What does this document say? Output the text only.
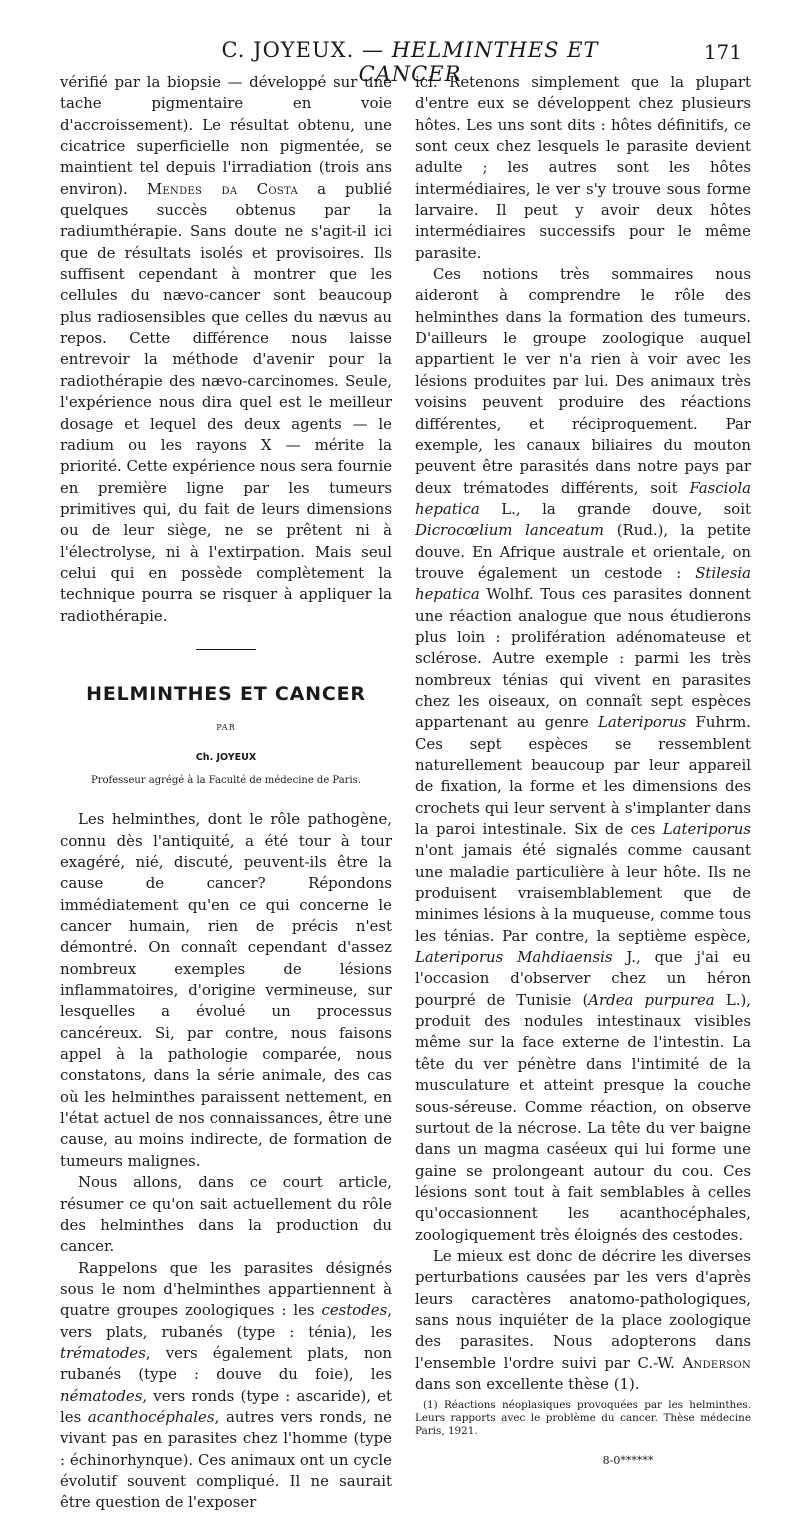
C. JOYEUX. — HELMINTHES ET CANCER
171

vérifié par la biopsie — développé sur une tache pigmentaire en voie d'accroissement). Le résultat obtenu, une cicatrice superficielle non pigmentée, se maintient tel depuis l'irradiation (trois ans environ). Mendes da Costa a publié quelques succès obtenus par la radiumthérapie. Sans doute ne s'agit-il ici que de résultats isolés et provisoires. Ils suffisent cependant à montrer que les cellules du nævo-cancer sont beaucoup plus radiosensibles que celles du nævus au repos. Cette différence nous laisse entrevoir la méthode d'avenir pour la radiothérapie des nævo-carcinomes. Seule, l'expérience nous dira quel est le meilleur dosage et lequel des deux agents — le radium ou les rayons X — mérite la priorité. Cette expérience nous sera fournie en première ligne par les tumeurs primitives qui, du fait de leurs dimensions ou de leur siège, ne se prêtent ni à l'électrolyse, ni à l'extirpation. Mais seul celui qui en possède complètement la technique pourra se risquer à appliquer la radiothérapie.

HELMINTHES ET CANCER
PAR
Ch. JOYEUX
Professeur agrégé à la Faculté de médecine de Paris.

Les helminthes, dont le rôle pathogène, connu dès l'antiquité, a été tour à tour exagéré, nié, discuté, peuvent-ils être la cause de cancer? Répondons immédiatement qu'en ce qui concerne le cancer humain, rien de précis n'est démontré. On connaît cependant d'assez nombreux exemples de lésions inflammatoires, d'origine vermineuse, sur lesquelles a évolué un processus cancéreux. Si, par contre, nous faisons appel à la pathologie comparée, nous constatons, dans la série animale, des cas où les helminthes paraissent nettement, en l'état actuel de nos connaissances, être une cause, au moins indirecte, de formation de tumeurs malignes.

Nous allons, dans ce court article, résumer ce qu'on sait actuellement du rôle des helminthes dans la production du cancer.

Rappelons que les parasites désignés sous le nom d'helminthes appartiennent à quatre groupes zoologiques : les cestodes, vers plats, rubanés (type : ténia), les trématodes, vers également plats, non rubanés (type : douve du foie), les nématodes, vers ronds (type : ascaride), et les acanthocéphales, autres vers ronds, ne vivant pas en parasites chez l'homme (type : échinorhynque). Ces animaux ont un cycle évolutif souvent compliqué. Il ne saurait être question de l'exposer

ici. Retenons simplement que la plupart d'entre eux se développent chez plusieurs hôtes. Les uns sont dits : hôtes définitifs, ce sont ceux chez lesquels le parasite devient adulte ; les autres sont les hôtes intermédiaires, le ver s'y trouve sous forme larvaire. Il peut y avoir deux hôtes intermédiaires successifs pour le même parasite.

Ces notions très sommaires nous aideront à comprendre le rôle des helminthes dans la formation des tumeurs. D'ailleurs le groupe zoologique auquel appartient le ver n'a rien à voir avec les lésions produites par lui. Des animaux très voisins peuvent produire des réactions différentes, et réciproquement. Par exemple, les canaux biliaires du mouton peuvent être parasités dans notre pays par deux trématodes différents, soit Fasciola hepatica L., la grande douve, soit Dicrocœlium lanceatum (Rud.), la petite douve. En Afrique australe et orientale, on trouve également un cestode : Stilesia hepatica Wolhf. Tous ces parasites donnent une réaction analogue que nous étudierons plus loin : prolifération adénomateuse et sclérose. Autre exemple : parmi les très nombreux ténias qui vivent en parasites chez les oiseaux, on connaît sept espèces appartenant au genre Lateriporus Fuhrm. Ces sept espèces se ressemblent naturellement beaucoup par leur appareil de fixation, la forme et les dimensions des crochets qui leur servent à s'implanter dans la paroi intestinale. Six de ces Lateriporus n'ont jamais été signalés comme causant une maladie particulière à leur hôte. Ils ne produisent vraisemblablement que de minimes lésions à la muqueuse, comme tous les ténias. Par contre, la septième espèce, Lateriporus Mahdiaensis J., que j'ai eu l'occasion d'observer chez un héron pourpré de Tunisie (Ardea purpurea L.), produit des nodules intestinaux visibles même sur la face externe de l'intestin. La tête du ver pénètre dans l'intimité de la musculature et atteint presque la couche sous-séreuse. Comme réaction, on observe surtout de la nécrose. La tête du ver baigne dans un magma caséeux qui lui forme une gaine se prolongeant autour du cou. Ces lésions sont tout à fait semblables à celles qu'occasionnent les acanthocéphales, zoologiquement très éloignés des cestodes.

Le mieux est donc de décrire les diverses perturbations causées par les vers d'après leurs caractères anatomo-pathologiques, sans nous inquiéter de la place zoologique des parasites. Nous adopterons dans l'ensemble l'ordre suivi par C.-W. Anderson dans son excellente thèse (1).

(1) Réactions néoplasiques provoquées par les helminthes. Leurs rapports avec le problème du cancer. Thèse médecine Paris, 1921.
8-0******
